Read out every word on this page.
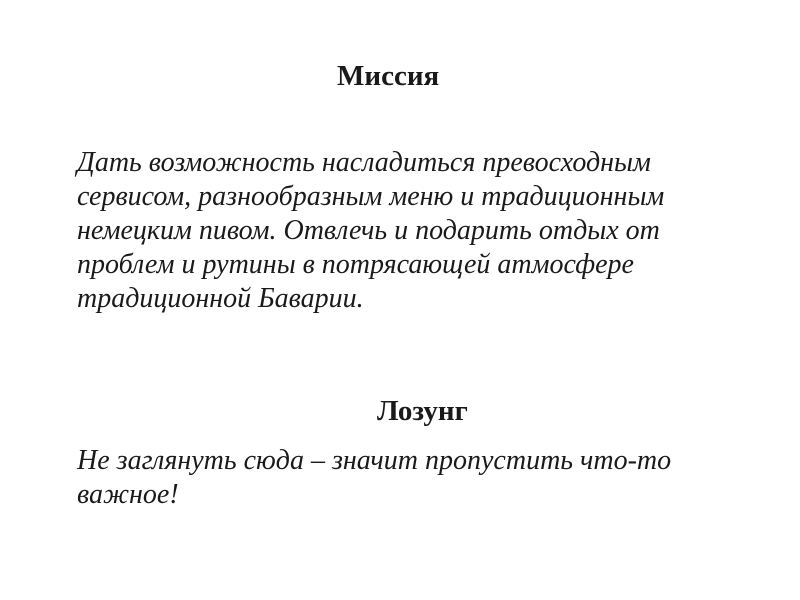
Миссия

Дать возможность насладиться превосходным
сервисом, разнообразным меню и традиционным
немецким пивом. Отвлечь и подарить отдых от
проблем и рутины в потрясающей атмосфере
традиционной Баварии.

Лозунг

Не заглянуть сюда – значит пропустить что-то
важное!
